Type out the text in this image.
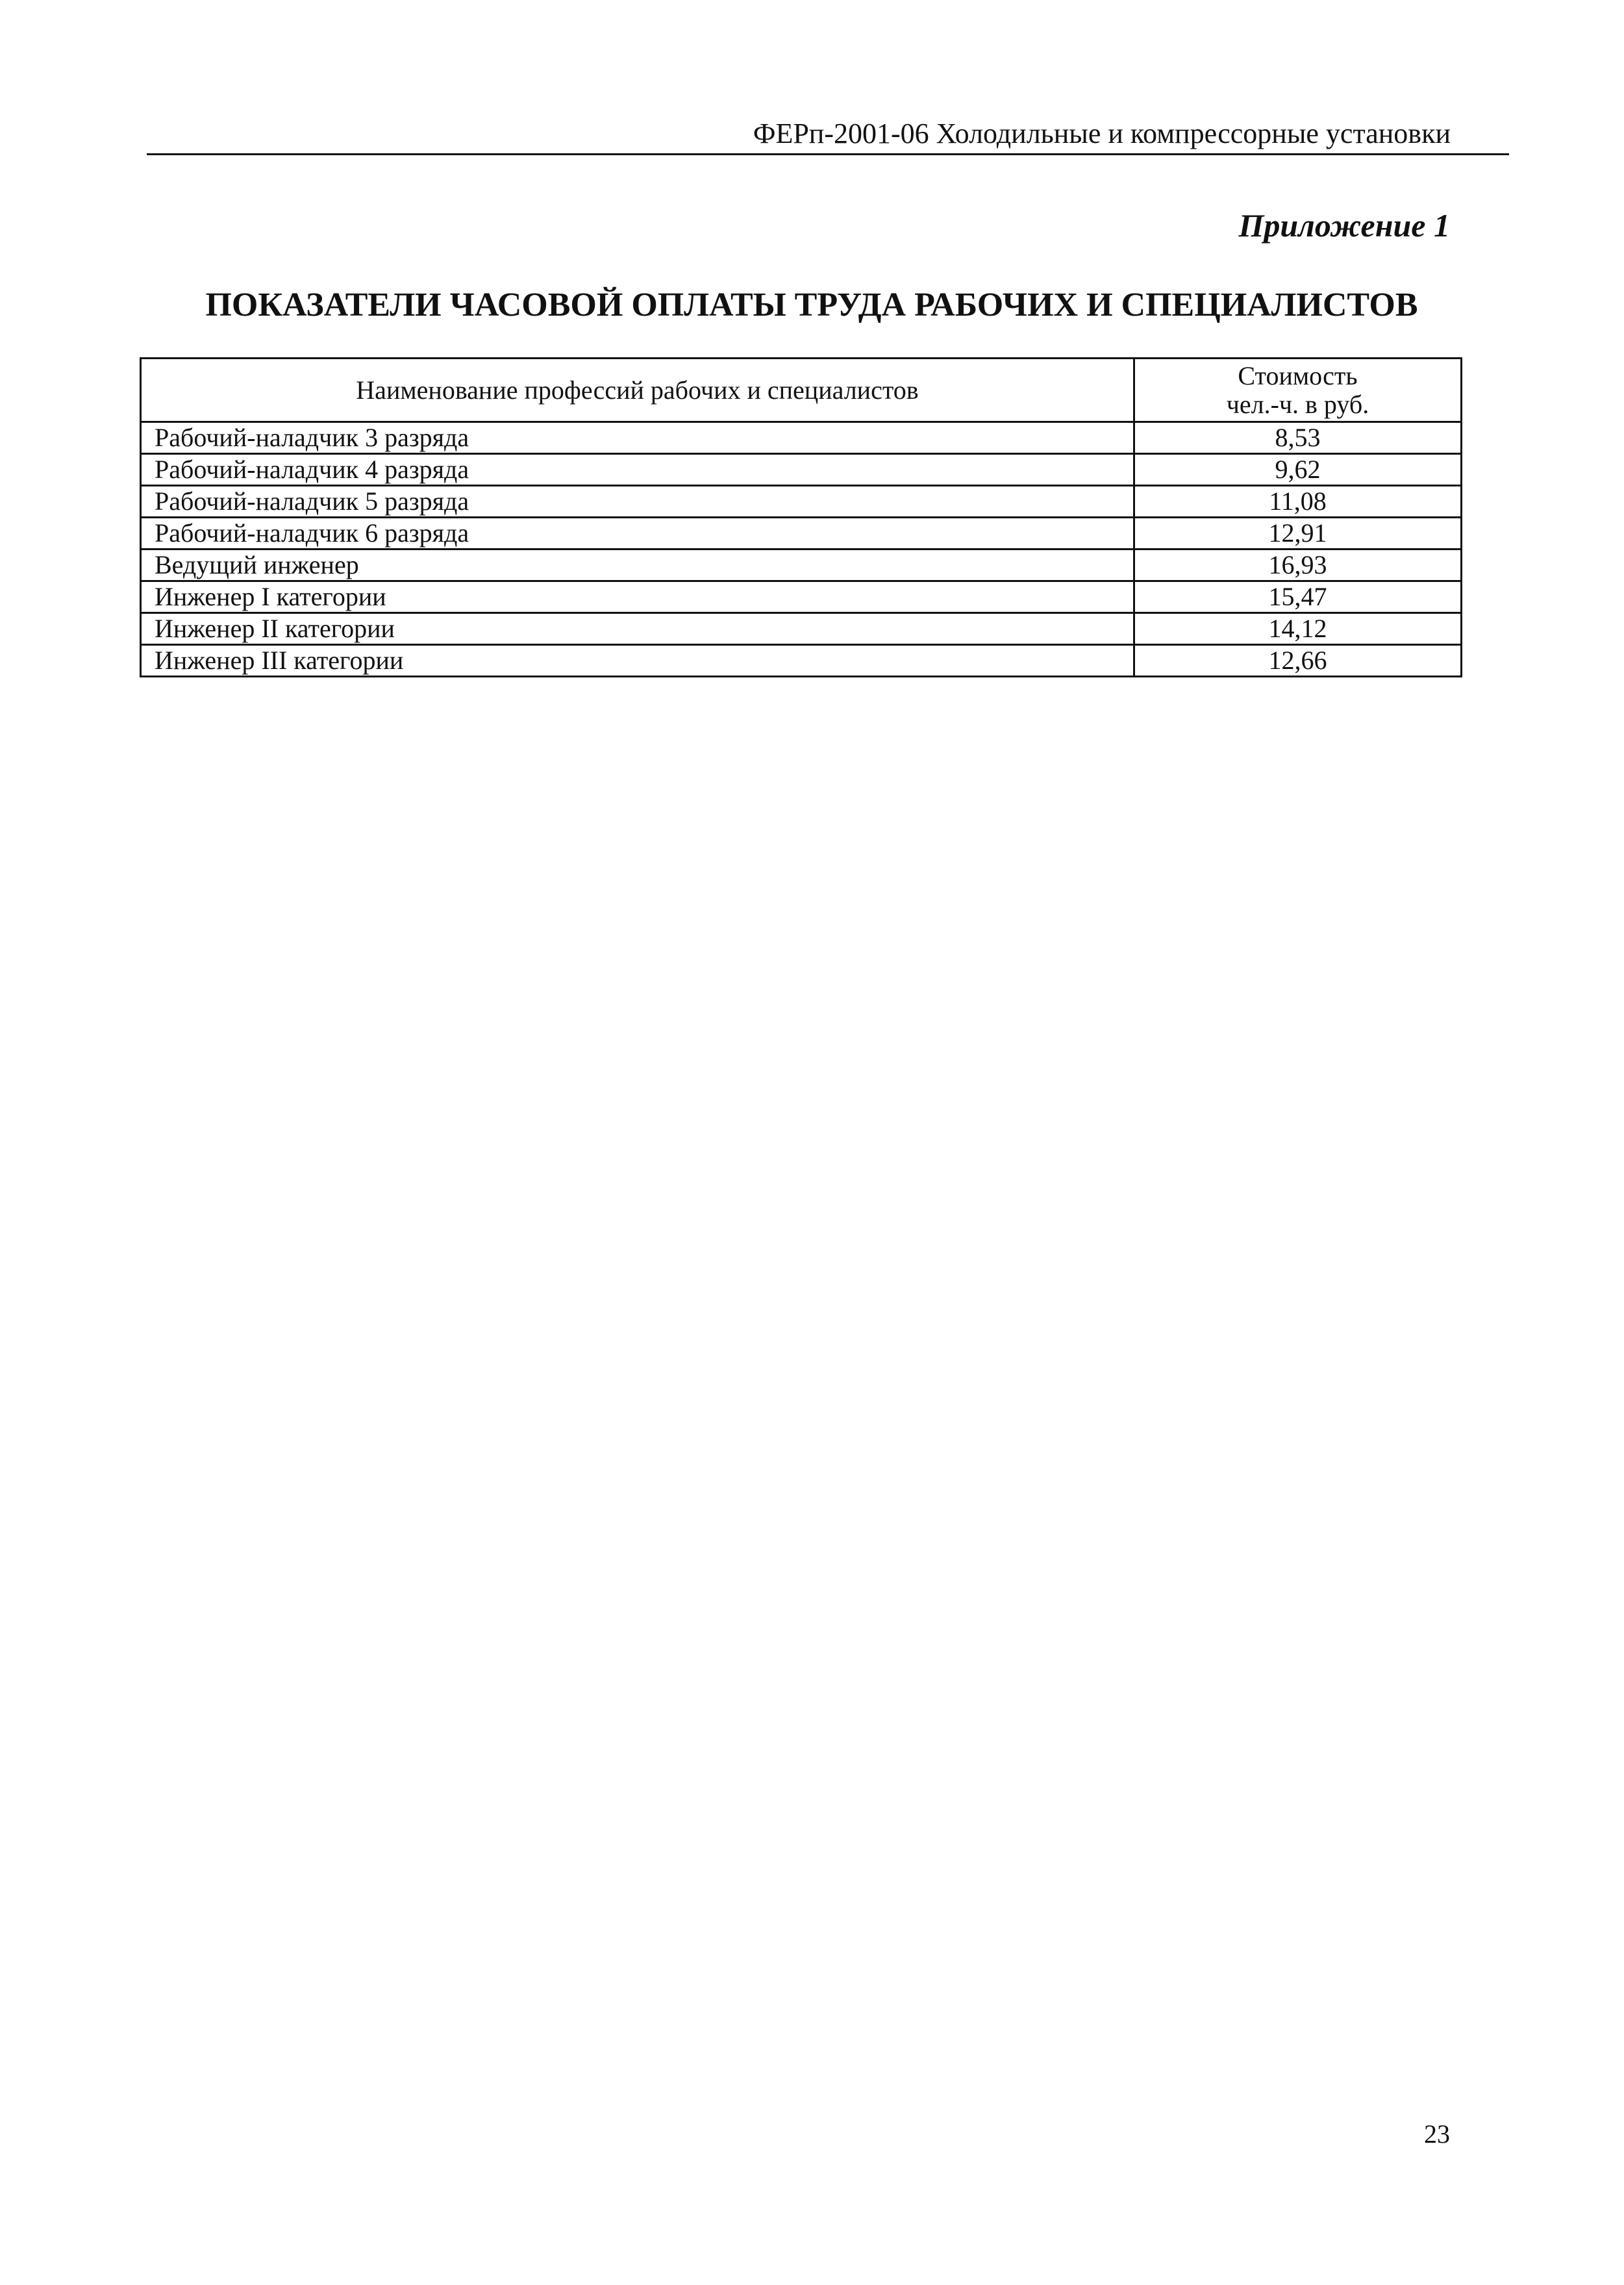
ФЕРп-2001-06 Холодильные и компрессорные установки
Приложение 1
ПОКАЗАТЕЛИ ЧАСОВОЙ ОПЛАТЫ ТРУДА РАБОЧИХ И СПЕЦИАЛИСТОВ
Наименование профессий рабочих и специалистов	Стоимость
чел.-ч. в руб.

Рабочий-наладчик 3 разряда	8,53
Рабочий-наладчик 4 разряда	9,62
Рабочий-наладчик 5 разряда	11,08
Рабочий-наладчик 6 разряда	12,91
Ведущий инженер	16,93
Инженер I категории	15,47
Инженер II категории	14,12
Инженер III категории	12,66
23
